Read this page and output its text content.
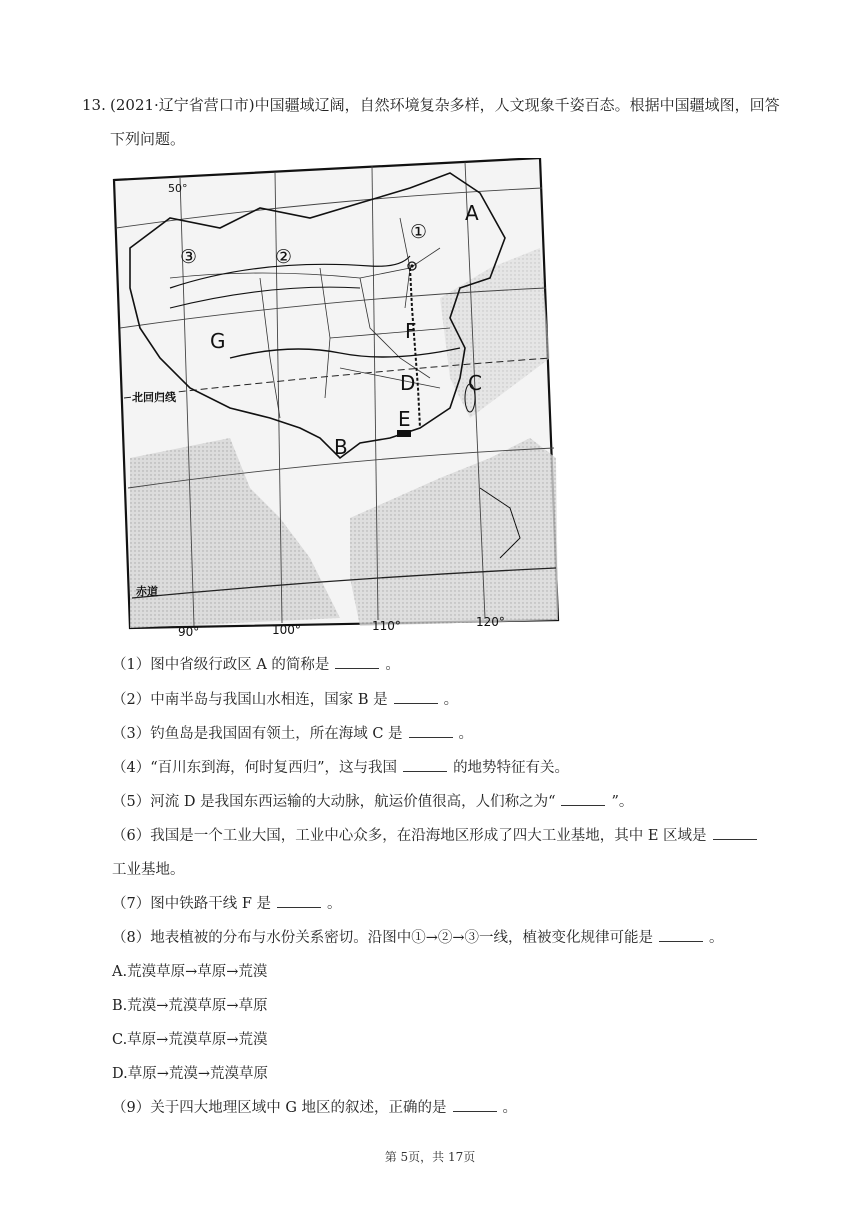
13. (2021·辽宁省营口市)中国疆域辽阔，自然环境复杂多样，人文现象千姿百态。根据中国疆域图，回答
下列问题。
A
①
②
③
G	F
D	C
E
B
北回归线
赤道
50°
90°	100°	110°	120°
（1）图中省级行政区 A 的简称是	。
（2）中南半岛与我国山水相连，国家 B 是	。
（3）钓鱼岛是我国固有领土，所在海域 C 是	。
（4）“百川东到海，何时复西归”，这与我国	的地势特征有关。
（5）河流 D 是我国东西运输的大动脉，航运价值很高，人们称之为“	”。
（6）我国是一个工业大国，工业中心众多，在沿海地区形成了四大工业基地，其中 E 区域是
工业基地。
（7）图中铁路干线 F 是	。
（8）地表植被的分布与水份关系密切。沿图中①→②→③一线，植被变化规律可能是	。
A.荒漠草原→草原→荒漠
B.荒漠→荒漠草原→草原
C.草原→荒漠草原→荒漠
D.草原→荒漠→荒漠草原
（9）关于四大地理区域中 G 地区的叙述，正确的是	。
第 5页，共 17页
